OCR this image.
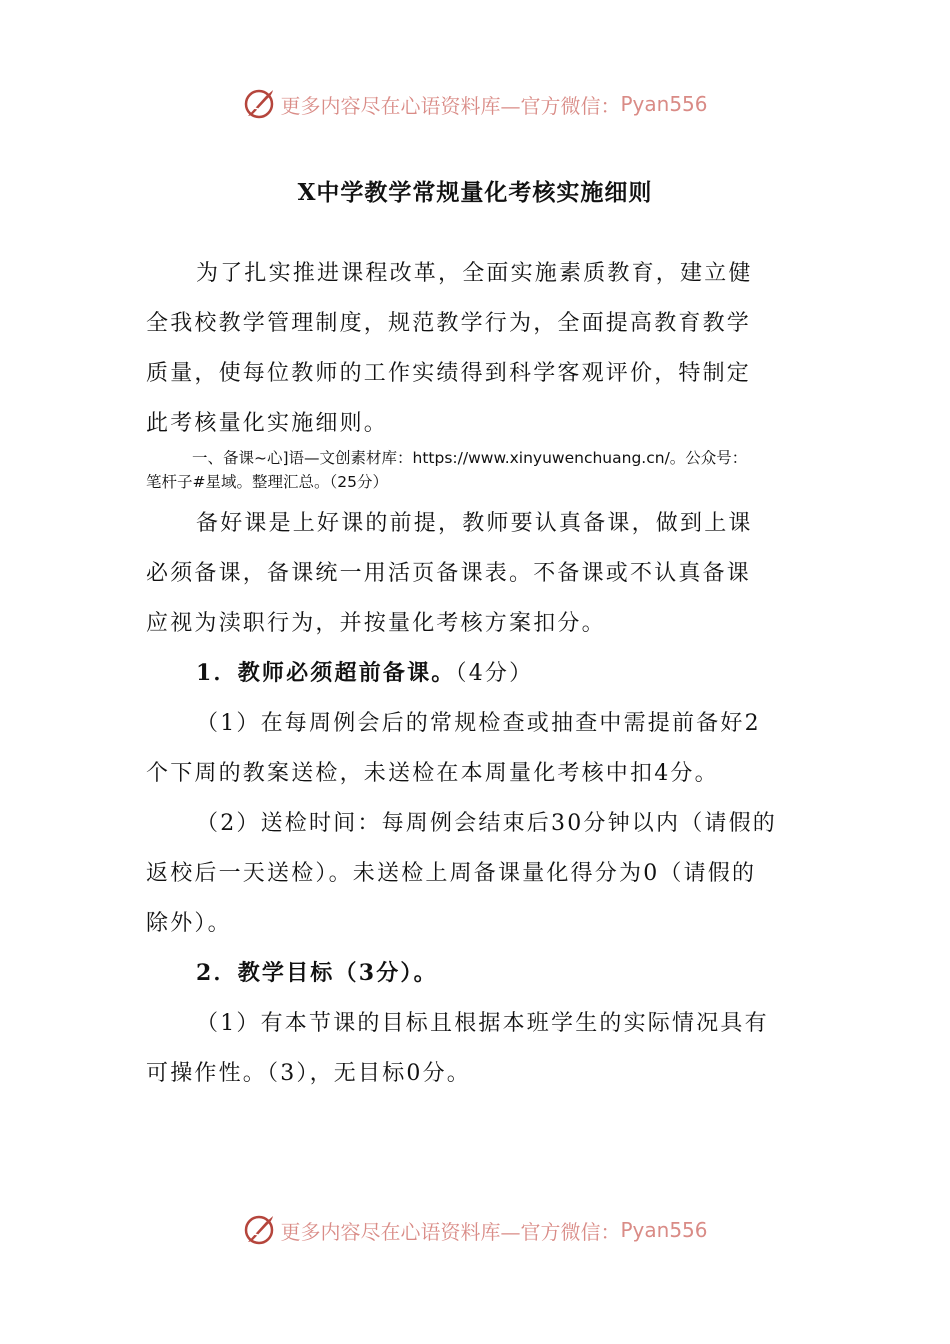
更多内容尽在心语资料库—官方微信： Pyan556
X中学教学常规量化考核实施细则
为了扎实推进课程改革，全面实施素质教育，建立健
全我校教学管理制度，规范教学行为，全面提高教育教学
质量，使每位教师的工作实绩得到科学客观评价，特制定
此考核量化实施细则。
一、备课~心]语—文创素材库：https://www.xinyuwenchuang.cn/。公众号：
笔杆子#星域。整理汇总。（25分）
备好课是上好课的前提，教师要认真备课，做到上课
必须备课，备课统一用活页备课表。不备课或不认真备课
应视为渎职行为，并按量化考核方案扣分。
1．教师必须超前备课。（4分）
（1）在每周例会后的常规检查或抽查中需提前备好2
个下周的教案送检，未送检在本周量化考核中扣4分。
（2）送检时间：每周例会结束后30分钟以内（请假的
返校后一天送检）。未送检上周备课量化得分为0（请假的
除外）。
2．教学目标（3分）。
（1）有本节课的目标且根据本班学生的实际情况具有
可操作性。（3），无目标0分。
更多内容尽在心语资料库—官方微信： Pyan556
